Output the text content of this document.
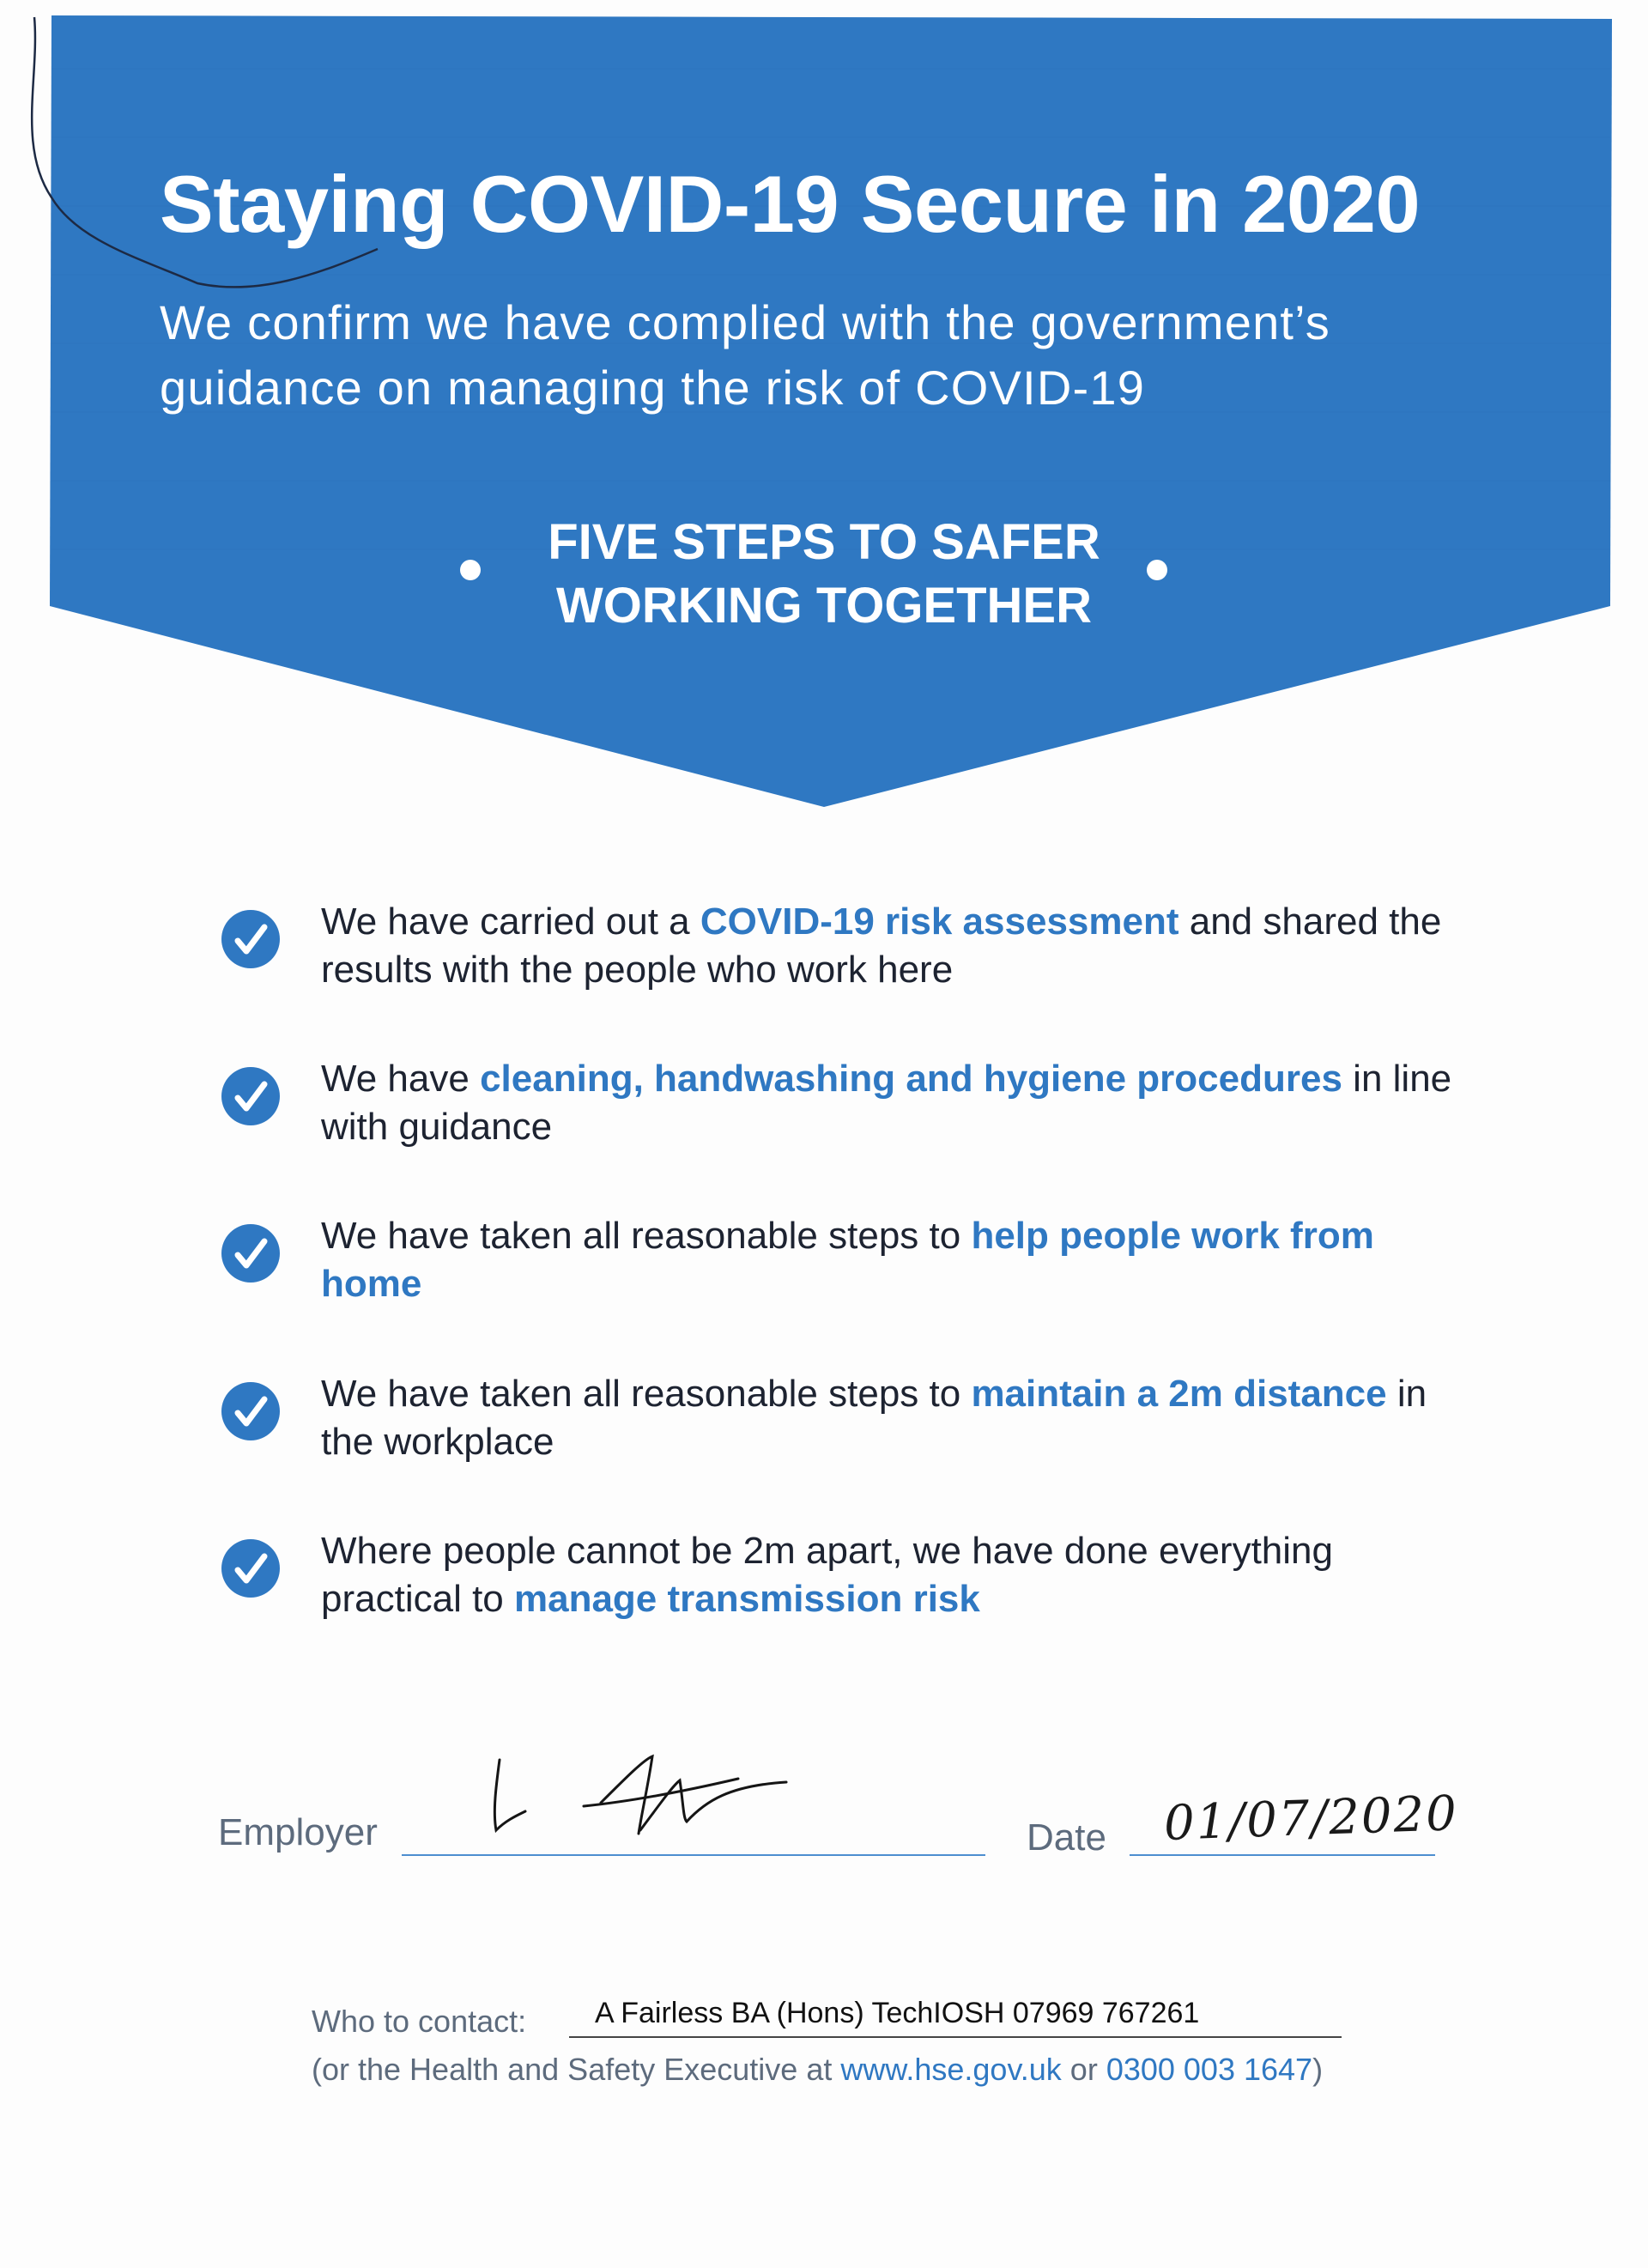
Staying COVID-19 Secure in 2020

We confirm we have complied with the government’s guidance on managing the risk of COVID-19

FIVE STEPS TO SAFER
WORKING TOGETHER

We have carried out a COVID-19 risk assessment and shared the results with the people who work here

We have cleaning, handwashing and hygiene procedures in line with guidance

We have taken all reasonable steps to help people work from home

We have taken all reasonable steps to maintain a 2m distance in the workplace

Where people cannot be 2m apart, we have done everything practical to manage transmission risk

Employer	Date 01/07/2020
Who to contact: A Fairless BA (Hons) TechIOSH 07969 767261
(or the Health and Safety Executive at www.hse.gov.uk or 0300 003 1647)
